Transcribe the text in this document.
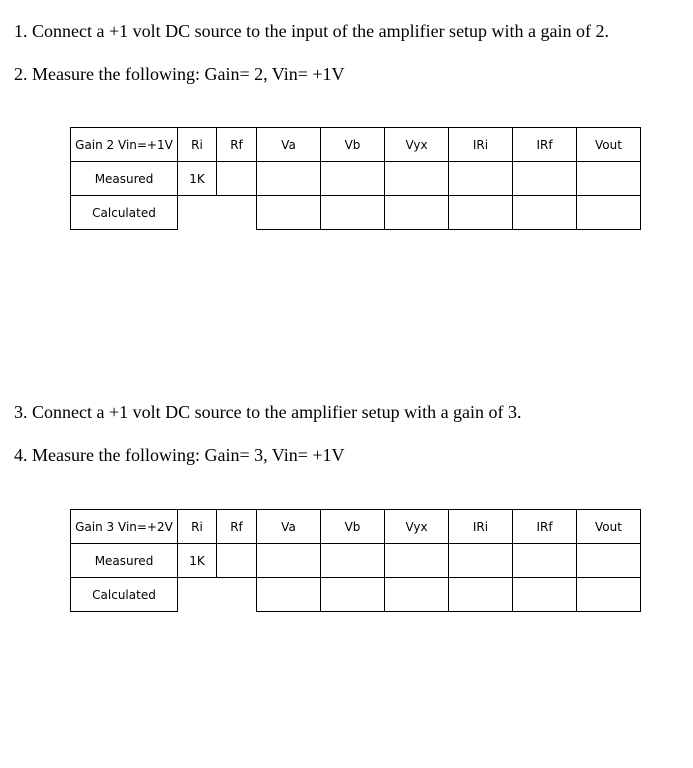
1. Connect a +1 volt DC source to the input of the amplifier setup with a gain of 2.
2. Measure the following: Gain= 2, Vin= +1V
Gain 2 Vin=+1V	Ri	Rf	Va	Vb	Vyx	IRi	IRf	Vout
Measured	1K							
Calculated								
3. Connect a +1 volt DC source to the amplifier setup with a gain of 3.
4. Measure the following: Gain= 3, Vin= +1V
Gain 3 Vin=+2V	Ri	Rf	Va	Vb	Vyx	IRi	IRf	Vout
Measured	1K							
Calculated								
